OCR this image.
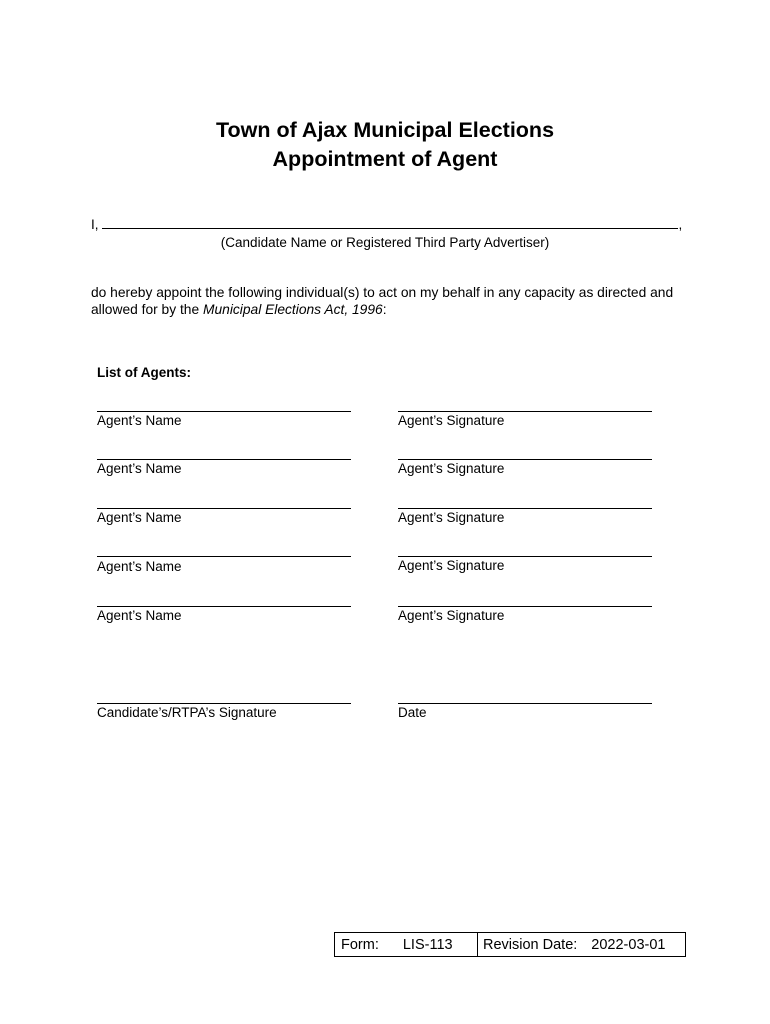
Town of Ajax Municipal Elections
Appointment of Agent
I,	,
(Candidate Name or Registered Third Party Advertiser)
do hereby appoint the following individual(s) to act on my behalf in any capacity as directed and allowed for by the Municipal Elections Act, 1996:
List of Agents:
Agent’s Name	Agent’s Signature
Agent’s Name	Agent’s Signature
Agent’s Name	Agent’s Signature
Agent’s Name	Agent’s Signature
Agent’s Name	Agent’s Signature
Candidate’s/RTPA’s Signature	Date
Form: LIS-113 Revision Date: 2022-03-01
